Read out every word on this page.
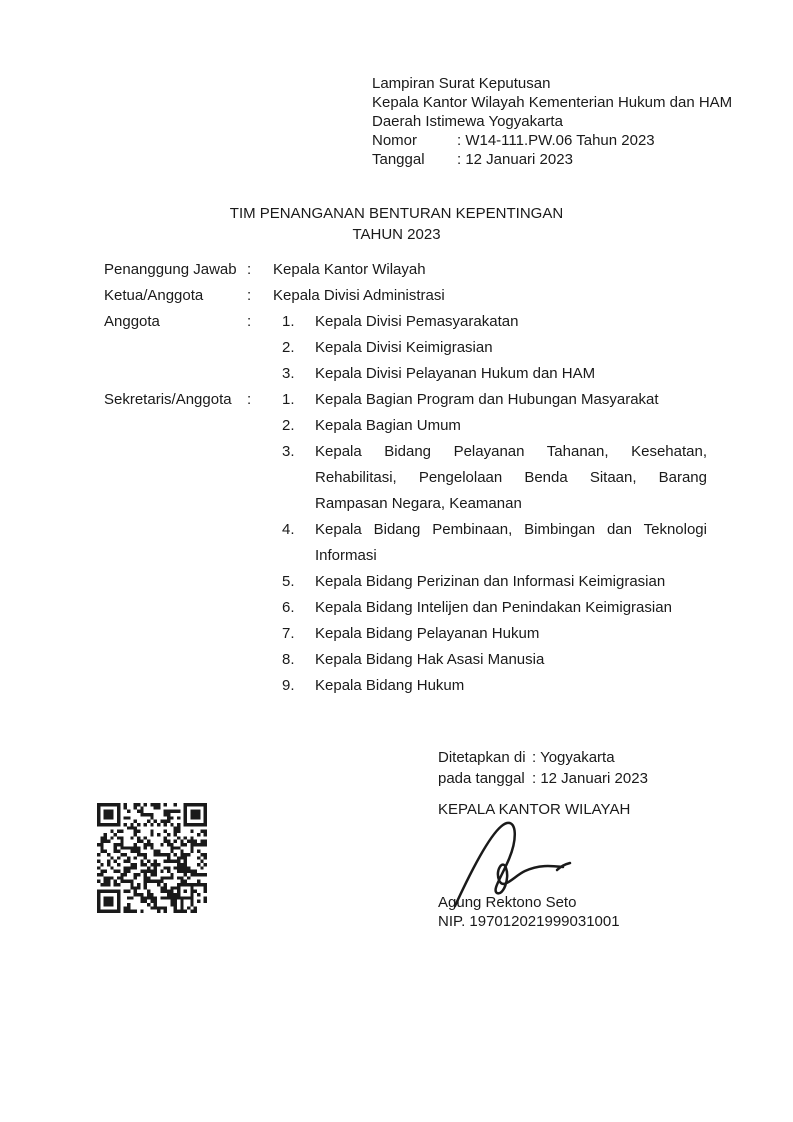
Lampiran Surat Keputusan
Kepala Kantor Wilayah Kementerian Hukum dan HAM
Daerah Istimewa Yogyakarta
Nomor	: W14-111.PW.06 Tahun 2023
Tanggal : 12 Januari 2023
TIM PENANGANAN BENTURAN KEPENTINGAN
TAHUN 2023
Penanggung Jawab :	Kepala Kantor Wilayah
Ketua/Anggota	:	Kepala Divisi Administrasi
Anggota	:	1.	Kepala Divisi Pemasyarakatan
2.	Kepala Divisi Keimigrasian
3.	Kepala Divisi Pelayanan Hukum dan HAM
Sekretaris/Anggota	:	1.	Kepala Bagian Program dan Hubungan Masyarakat
2.	Kepala Bagian Umum
3.	Kepala Bidang Pelayanan Tahanan, Kesehatan, Rehabilitasi, Pengelolaan Benda Sitaan, Barang Rampasan Negara, Keamanan
4.	Kepala Bidang Pembinaan, Bimbingan dan Teknologi Informasi
5.	Kepala Bidang Perizinan dan Informasi Keimigrasian
6.	Kepala Bidang Intelijen dan Penindakan Keimigrasian
7.	Kepala Bidang Pelayanan Hukum
8.	Kepala Bidang Hak Asasi Manusia
9.	Kepala Bidang Hukum
Ditetapkan di : Yogyakarta
pada tanggal : 12 Januari 2023
KEPALA KANTOR WILAYAH
Agung Rektono Seto
NIP. 197012021999031001
